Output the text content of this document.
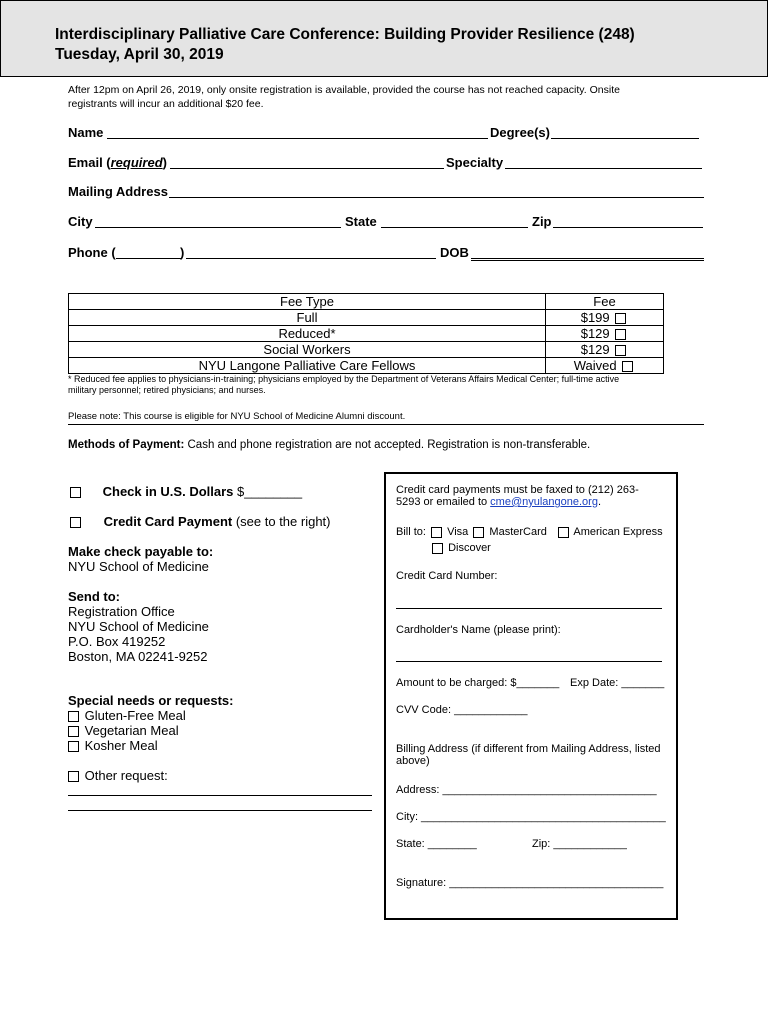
Interdisciplinary Palliative Care Conference: Building Provider Resilience (248)
Tuesday, April 30, 2019
After 12pm on April 26, 2019, only onsite registration is available, provided the course has not reached capacity. Onsite
registrants will incur an additional $20 fee.
Name	Degree(s)
Email (required)	Specialty
Mailing Address
City	State	Zip
Phone (	)	DOB
Fee Type	Fee
Full	$199
Reduced*	$129
Social Workers	$129
NYU Langone Palliative Care Fellows	Waived
* Reduced fee applies to physicians-in-training; physicians employed by the Department of Veterans Affairs Medical Center; full-time active
military personnel; retired physicians; and nurses.
Please note: This course is eligible for NYU School of Medicine Alumni discount.
Methods of Payment: Cash and phone registration are not accepted. Registration is non-transferable.
Check in U.S. Dollars $________
Credit Card Payment (see to the right)
Make check payable to:
NYU School of Medicine
Send to:
Registration Office
NYU School of Medicine
P.O. Box 419252
Boston, MA 02241-9252
Special needs or requests:
Gluten-Free Meal
Vegetarian Meal
Kosher Meal
Other request:
Credit card payments must be faxed to (212) 263-
5293 or emailed to cme@nyulangone.org.
Bill to: Visa MasterCard American Express
Discover
Credit Card Number:
Cardholder's Name (please print):
Amount to be charged: $_______ Exp Date: _______
CVV Code: ____________
Billing Address (if different from Mailing Address, listed
above)
Address: ___________________________________
City: ________________________________________
State: ________	Zip: ____________
Signature: ___________________________________
